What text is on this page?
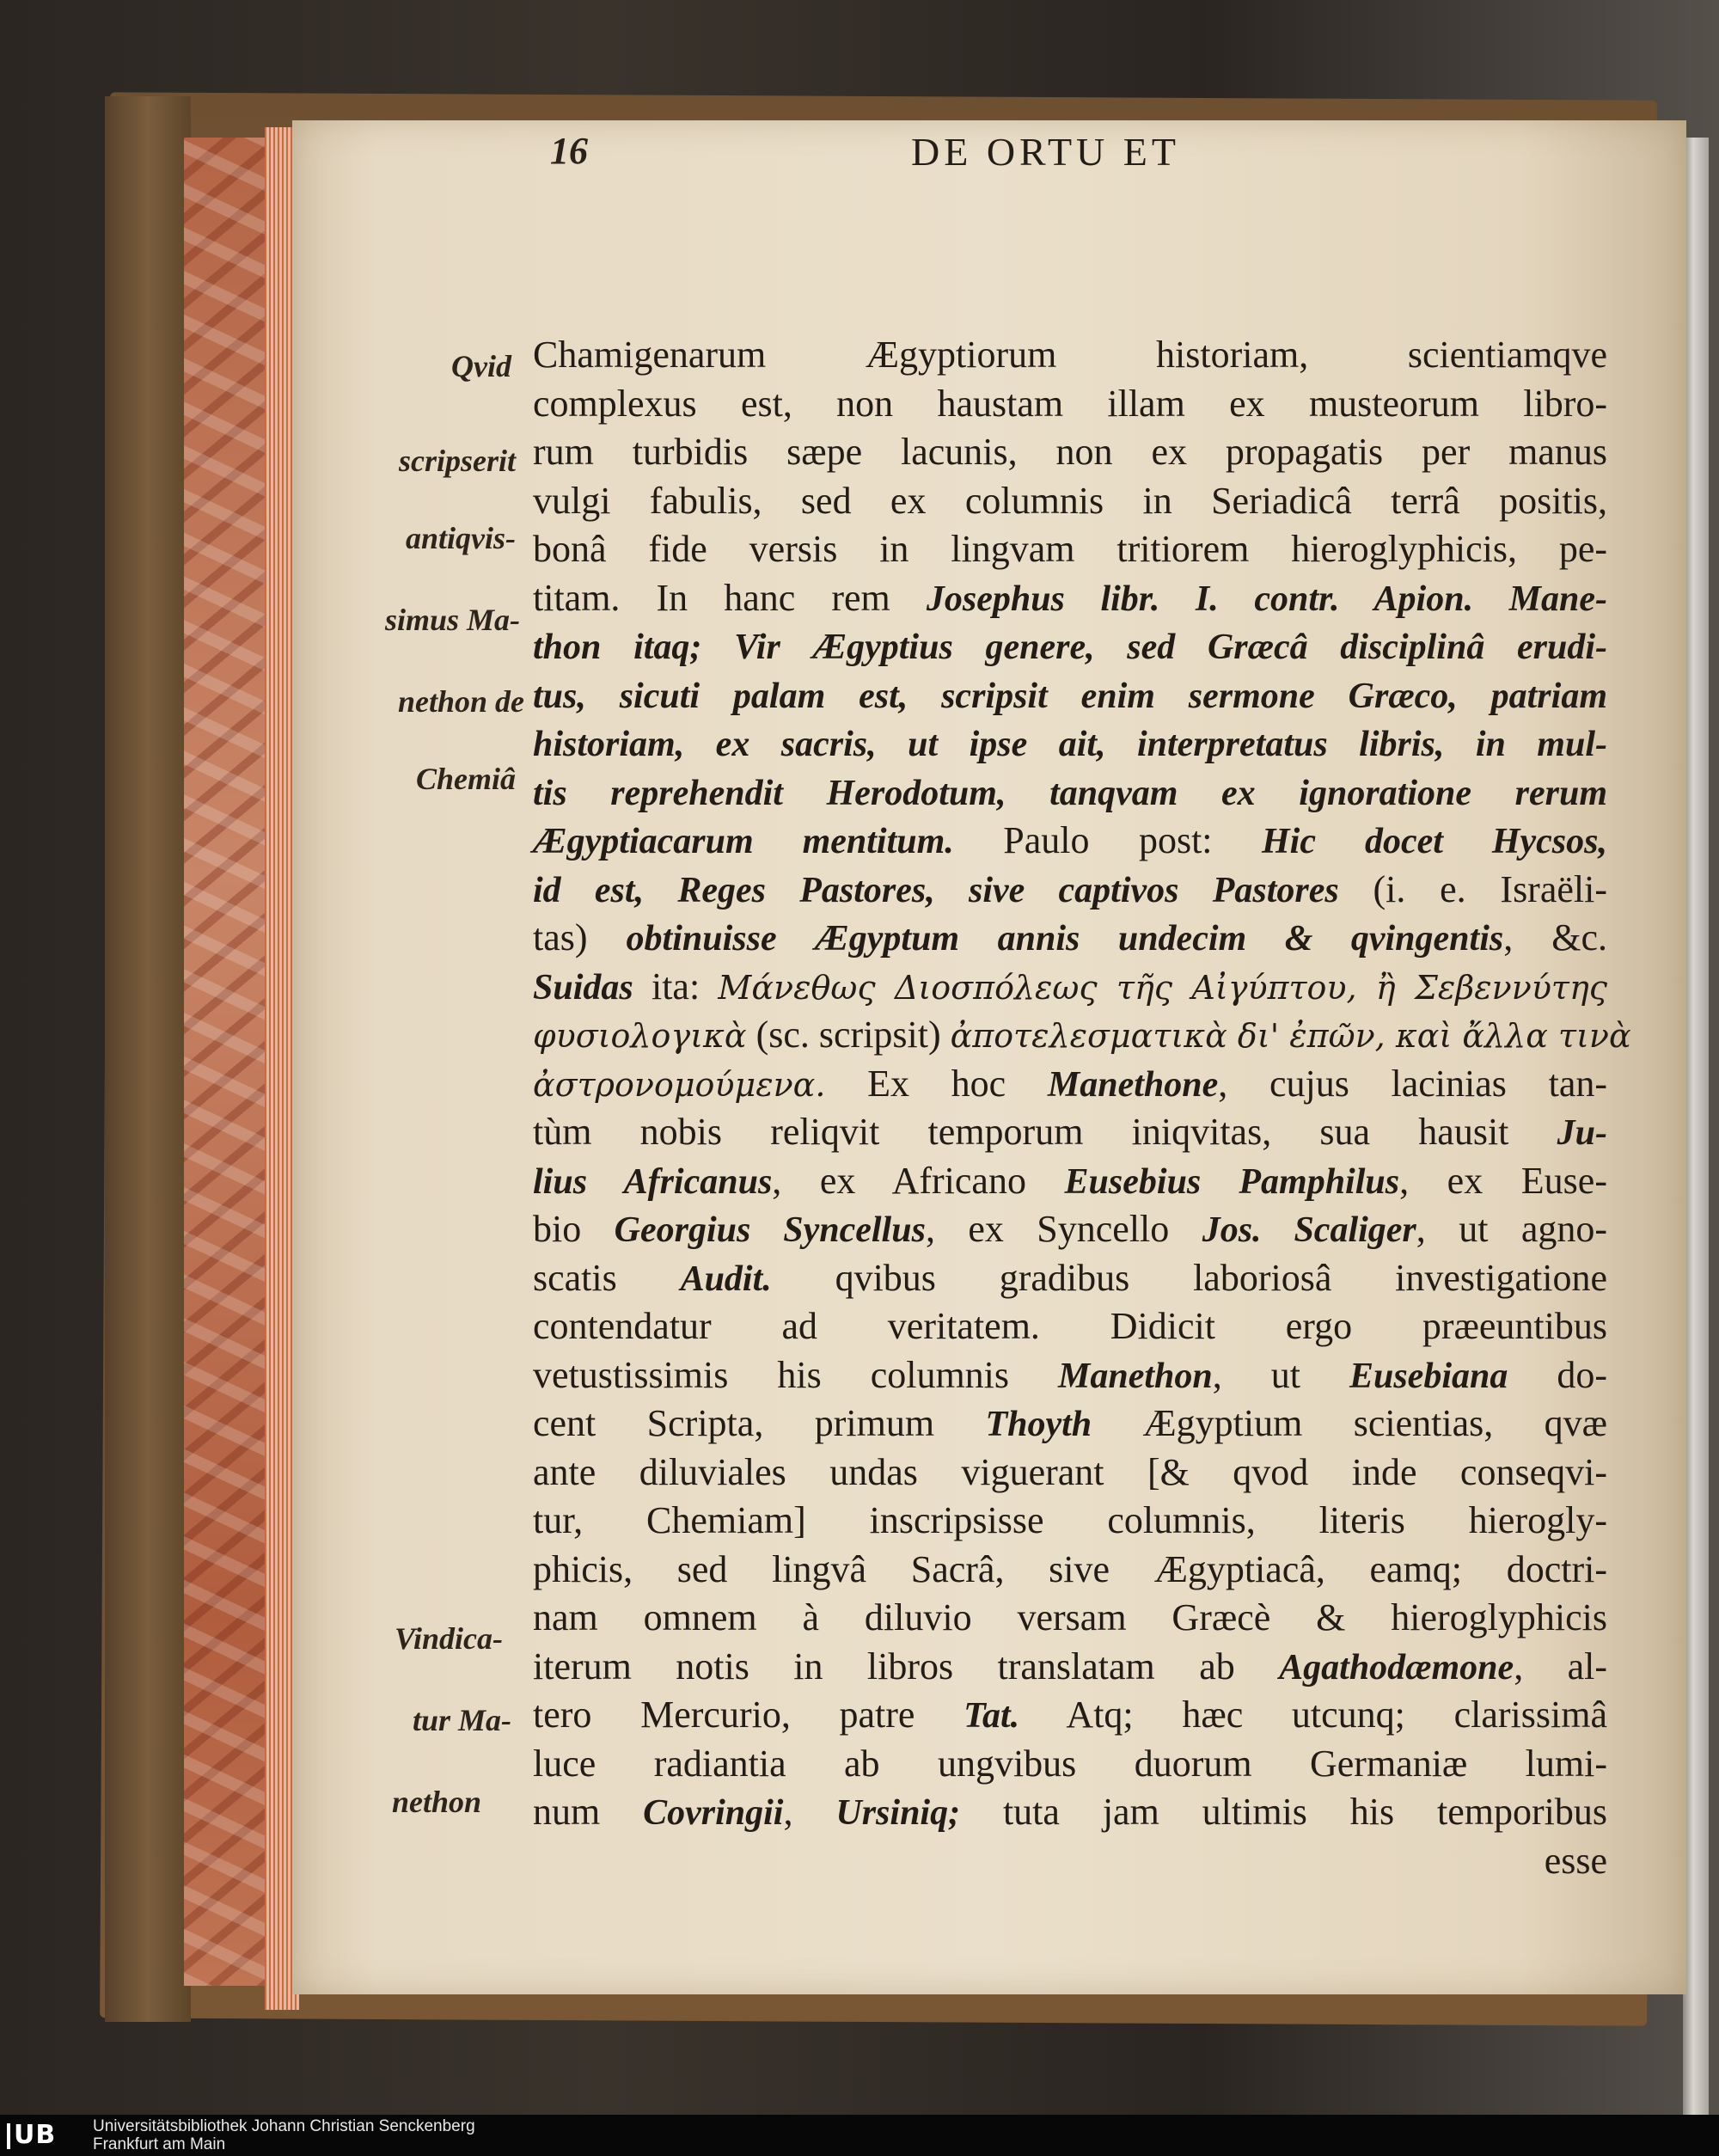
16	DE ORTU ET
Qvid
scripserit
antiqvis-
simus Ma-
nethon de
Chemiâ
Vindica-
tur Ma-
nethon
Chamigenarum Ægyptiorum historiam, scientiamqve
complexus est, non haustam illam ex musteorum libro-
rum turbidis sæpe lacunis, non ex propagatis per manus
vulgi fabulis, sed ex columnis in Seriadicâ terrâ positis,
bonâ fide versis in lingvam tritiorem hieroglyphicis, pe-
titam. In hanc rem Josephus libr. I. contr. Apion. Mane-
thon itaq; Vir Ægyptius genere, sed Græcâ disciplinâ erudi-
tus, sicuti palam est, scripsit enim sermone Græco, patriam
historiam, ex sacris, ut ipse ait, interpretatus libris, in mul-
tis reprehendit Herodotum, tanqvam ex ignoratione rerum
Ægyptiacarum mentitum. Paulo post: Hic docet Hycsos,
id est, Reges Pastores, sive captivos Pastores (i. e. Israëli-
tas) obtinuisse Ægyptum annis undecim & qvingentis, &c.
Suidas ita: Μάνεθως Διοσπόλεως τῆς Αἰγύπτου, ἢ Σεβεννύτης
φυσιολογικὰ (sc. scripsit) ἀποτελεσματικὰ δι' ἐπῶν, καὶ ἄλλα τινὰ
ἀστρονομούμενα. Ex hoc Manethone, cujus lacinias tan-
tùm nobis reliqvit temporum iniqvitas, sua hausit Ju-
lius Africanus, ex Africano Eusebius Pamphilus, ex Euse-
bio Georgius Syncellus, ex Syncello Jos. Scaliger, ut agno-
scatis Audit. qvibus gradibus laboriosâ investigatione
contendatur ad veritatem. Didicit ergo præeuntibus
vetustissimis his columnis Manethon, ut Eusebiana do-
cent Scripta, primum Thoyth Ægyptium scientias, qvæ
ante diluviales undas viguerant [& qvod inde conseqvi-
tur, Chemiam] inscripsisse columnis, literis hierogly-
phicis, sed lingvâ Sacrâ, sive Ægyptiacâ, eamq; doctri-
nam omnem à diluvio versam Græcè & hieroglyphicis
iterum notis in libros translatam ab Agathodæmone, al-
tero Mercurio, patre Tat. Atq; hæc utcunq; clarissimâ
luce radiantia ab ungvibus duorum Germaniæ lumi-
num Covringii, Ursiniq; tuta jam ultimis his temporibus
esse
UB	Universitätsbibliothek Johann Christian Senckenberg
Frankfurt am Main
